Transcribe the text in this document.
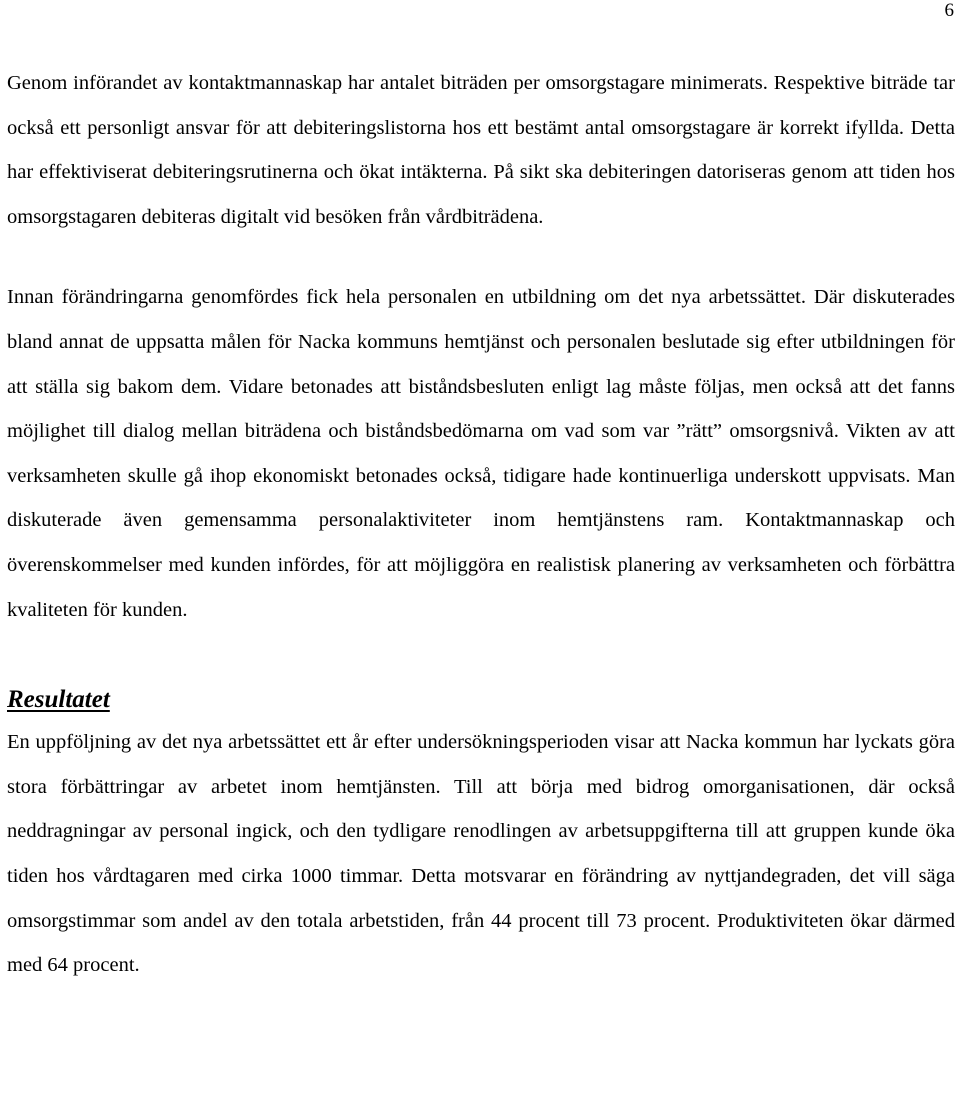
6

Genom införandet av kontaktmannaskap har antalet biträden per omsorgstagare minimerats. Respektive biträde tar också ett personligt ansvar för att debiteringslistorna hos ett bestämt antal omsorgstagare är korrekt ifyllda. Detta har effektiviserat debiteringsrutinerna och ökat intäkterna. På sikt ska debiteringen datoriseras genom att tiden hos omsorgstagaren debiteras digitalt vid besöken från vårdbiträdena.

Innan förändringarna genomfördes fick hela personalen en utbildning om det nya arbetssättet. Där diskuterades bland annat de uppsatta målen för Nacka kommuns hemtjänst och personalen beslutade sig efter utbildningen för att ställa sig bakom dem. Vidare betonades att biståndsbesluten enligt lag måste följas, men också att det fanns möjlighet till dialog mellan biträdena och biståndsbedömarna om vad som var ”rätt” omsorgsnivå. Vikten av att verksamheten skulle gå ihop ekonomiskt betonades också, tidigare hade kontinuerliga underskott uppvisats. Man diskuterade även gemensamma personalaktiviteter inom hemtjänstens ram. Kontaktmannaskap och överenskommelser med kunden infördes, för att möjliggöra en realistisk planering av verksamheten och förbättra kvaliteten för kunden.

Resultatet

En uppföljning av det nya arbetssättet ett år efter undersökningsperioden visar att Nacka kommun har lyckats göra stora förbättringar av arbetet inom hemtjänsten. Till att börja med bidrog omorganisationen, där också neddragningar av personal ingick, och den tydligare renodlingen av arbetsuppgifterna till att gruppen kunde öka tiden hos vårdtagaren med cirka 1000 timmar. Detta motsvarar en förändring av nyttjandegraden, det vill säga omsorgstimmar som andel av den totala arbetstiden, från 44 procent till 73 procent. Produktiviteten ökar därmed med 64 procent.
